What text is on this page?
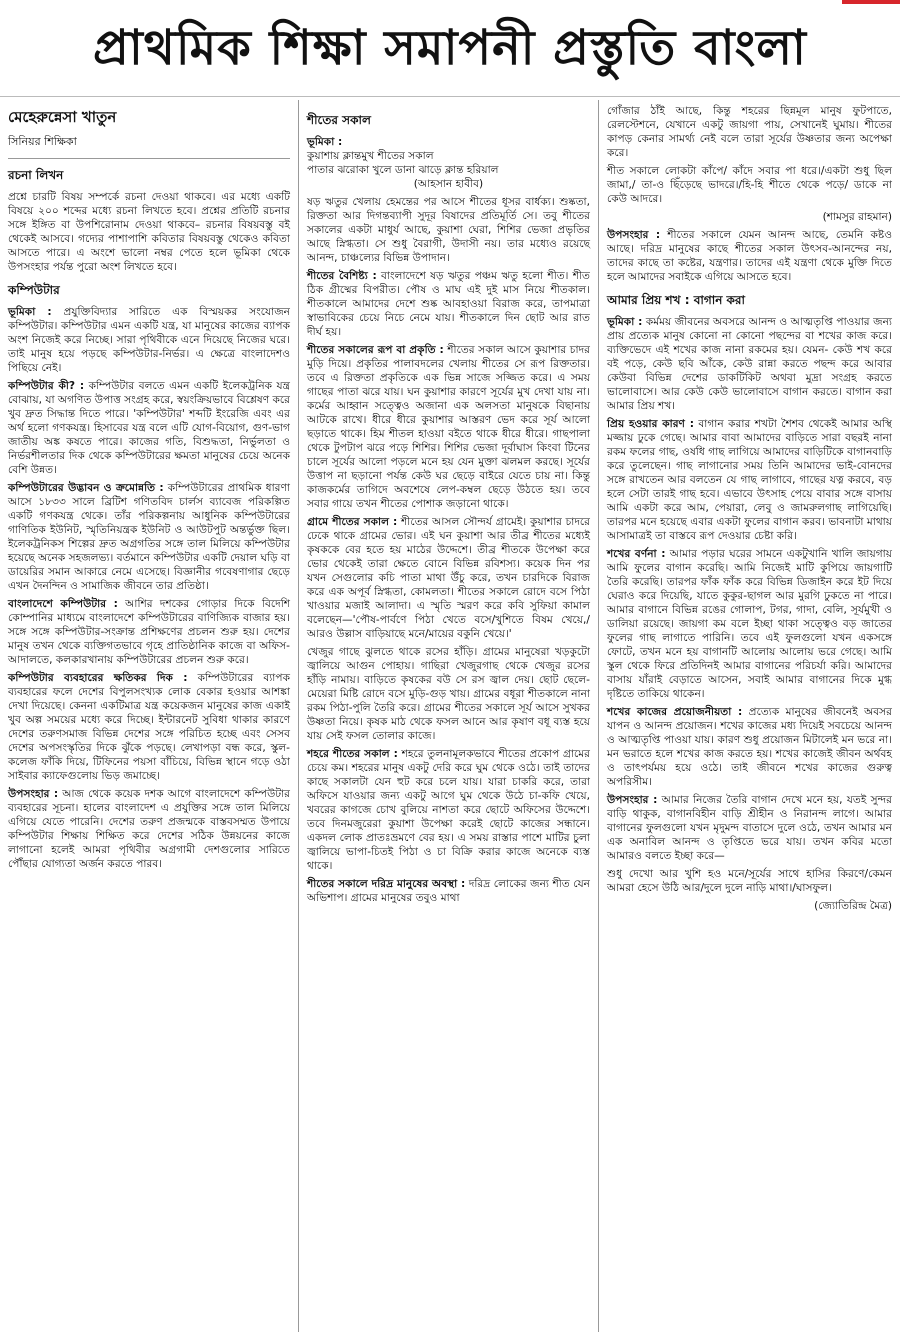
প্রাথমিক শিক্ষা সমাপনী প্রস্তুতি বাংলা
মেহেরুন্নেসা খাতুন
সিনিয়র শিক্ষিকা
রচনা লিখন

প্রশ্নে চারটি বিষয় সম্পর্কে রচনা দেওয়া থাকবে। এর মধ্যে একটি বিষয়ে ২০০ শব্দের মধ্যে রচনা লিখতে হবে। প্রশ্নের প্রতিটি রচনার সঙ্গে ইঙ্গিত বা উপশিরোনাম দেওয়া থাকবে– রচনার বিষয়বস্তু বই থেকেই আসবে। গদ্যের পাশাপাশি কবিতার বিষয়বস্তু থেকেও কবিতা আসতে পারে। এ অংশে ভালো নম্বর পেতে হলে ভূমিকা থেকে উপসংহার পর্যন্ত পুরো অংশ লিখতে হবে।

কম্পিউটার

ভূমিকা : প্রযুক্তিবিদ্যার সারিতে এক বিস্ময়কর সংযোজন কম্পিউটার। কম্পিউটার এমন একটি যন্ত্র, যা মানুষের কাজের ব্যাপক অংশ নিজেই করে নিচ্ছে। সারা পৃথিবীকে এনে দিয়েছে নিজের ঘরে। তাই মানুষ হয়ে পড়ছে কম্পিউটার-নির্ভর। এ ক্ষেত্রে বাংলাদেশও পিছিয়ে নেই।

কম্পিউটার কী? : কম্পিউটার বলতে এমন একটি ইলেকট্রনিক যন্ত্র বোঝায়, যা অগণিত উপাত্ত সংগ্রহ করে, স্বয়ংক্রিয়ভাবে বিশ্লেষণ করে খুব দ্রুত সিদ্ধান্ত দিতে পারে। 'কম্পিউটার' শব্দটি ইংরেজি এবং এর অর্থ হলো গণকযন্ত্র। হিসাবের যন্ত্র বলে এটি যোগ-বিয়োগ, গুণ-ভাগ জাতীয় অঙ্ক কষতে পারে। কাজের গতি, বিশুদ্ধতা, নির্ভুলতা ও নির্ভরশীলতার দিক থেকে কম্পিউটারের ক্ষমতা মানুষের চেয়ে অনেক বেশি উন্নত।

কম্পিউটারের উদ্ভাবন ও ক্রমোন্নতি : কম্পিউটারের প্রাথমিক ধারণা আসে ১৮৩৩ সালে ব্রিটিশ গণিতবিদ চার্লস ব্যাবেজ পরিকল্পিত একটি গণকযন্ত্র থেকে। তাঁর পরিকল্পনায় আধুনিক কম্পিউটারের গাণিতিক ইউনিট, স্মৃতিনিয়ন্ত্রক ইউনিট ও আউটপুট অন্তর্ভুক্ত ছিল। ইলেকট্রনিকস শিল্পের দ্রুত অগ্রগতির সঙ্গে তাল মিলিয়ে কম্পিউটার হয়েছে অনেক সহজলভ্য। বর্তমানে কম্পিউটার একটি দেয়াল ঘড়ি বা ডায়েরির সমান আকারে নেমে এসেছে। বিজ্ঞানীর গবেষণাগার ছেড়ে এখন দৈনন্দিন ও সামাজিক জীবনে তার প্রতিষ্ঠা।

বাংলাদেশে কম্পিউটার : আশির দশকের গোড়ার দিকে বিদেশি কোম্পানির মাধ্যমে বাংলাদেশে কম্পিউটারের বাণিজ্যিক বাজার হয়। সঙ্গে সঙ্গে কম্পিউটার-সংক্রান্ত প্রশিক্ষণের প্রচলন শুরু হয়। দেশের মানুষ তখন থেকে ব্যক্তিগতভাবে গৃহে প্রাতিষ্ঠানিক কাজে বা অফিস-আদালতে, কলকারখানায় কম্পিউটারের প্রচলন শুরু করে।

কম্পিউটার ব্যবহারের ক্ষতিকর দিক : কম্পিউটারের ব্যাপক ব্যবহারের ফলে দেশের বিপুলসংখ্যক লোক বেকার হওয়ার আশঙ্কা দেখা দিয়েছে। কেননা একটিমাত্র যন্ত্র কয়েকজন মানুষের কাজ একাই খুব অল্প সময়ের মধ্যে করে দিচ্ছে। ইন্টারনেট সুবিধা থাকার কারণে দেশের তরুণসমাজ বিভিন্ন দেশের সঙ্গে পরিচিত হচ্ছে এবং সেসব দেশের অপসংস্কৃতির দিকে ঝুঁকে পড়ছে। লেখাপড়া বন্ধ করে, স্কুল-কলেজ ফাঁকি দিয়ে, টিফিনের পয়সা বাঁচিয়ে, বিভিন্ন স্থানে গড়ে ওঠা সাইবার ক্যাফেগুলোয় ভিড় জমাচ্ছে।

উপসংহার : আজ থেকে কয়েক দশক আগে বাংলাদেশে কম্পিউটার ব্যবহারের সূচনা। হালের বাংলাদেশ এ প্রযুক্তির সঙ্গে তাল মিলিয়ে এগিয়ে যেতে পারেনি। দেশের তরুণ প্রজন্মকে বাস্তবসম্মত উপায়ে কম্পিউটার শিক্ষায় শিক্ষিত করে দেশের সঠিক উন্নয়নের কাজে লাগানো হলেই আমরা পৃথিবীর অগ্রগামী দেশগুলোর সারিতে পৌঁছার যোগ্যতা অর্জন করতে পারব।

শীতের সকাল
ভূমিকা :
কুয়াশায় ক্লান্তমুখ শীতের সকাল
পাতার ঝরোকা খুলে ডানা ঝাড়ে ক্লান্ত হরিয়াল
(আহসান হাবীব)

ষড় ঋতুর খেলায় হেমন্তের পর আসে শীতের ধূসর বার্ধক্য। শুষ্কতা, রিক্ততা আর দিগন্তব্যাপী সুদূর বিষাদের প্রতিমূর্তি সে। তবু শীতের সকালের একটা মাধুর্য আছে, কুয়াশা ঘেরা, শিশির ভেজা প্রভৃতির আছে স্নিগ্ধতা। সে শুধু বৈরাগী, উদাসী নয়। তার মধ্যেও রয়েছে আনন্দ, চাঞ্চল্যের বিভিন্ন উপাদান।

শীতের বৈশিষ্ট্য : বাংলাদেশে ষড় ঋতুর পঞ্চম ঋতু হলো শীত। শীত ঠিক গ্রীষ্মের বিপরীত। পৌষ ও মাঘ এই দুই মাস নিয়ে শীতকাল। শীতকালে আমাদের দেশে শুষ্ক আবহাওয়া বিরাজ করে, তাপমাত্রা স্বাভাবিকের চেয়ে নিচে নেমে যায়। শীতকালে দিন ছোট আর রাত দীর্ঘ হয়।

শীতের সকালের রূপ বা প্রকৃতি : শীতের সকাল আসে কুয়াশার চাদর মুড়ি দিয়ে। প্রকৃতির পালাবদলের খেলায় শীতের সে রূপ রিক্ততার। তবে এ রিক্ততা প্রকৃতিকে এক ভিন্ন সাজে সজ্জিত করে। এ সময় গাছের পাতা ঝরে যায়। ঘন কুয়াশার কারণে সূর্যের মুখ দেখা যায় না। কর্মের আহ্বান সত্ত্বেও অজানা এক অলসতা মানুষকে বিছানায় আটকে রাখে। ধীরে ধীরে কুয়াশার আস্তরণ ভেদ করে সূর্য আলো ছড়াতে থাকে। হিম শীতল হাওয়া বইতে থাকে ধীরে ধীরে। গাছপালা থেকে টুপটাপ ঝরে পড়ে শিশির। শিশির ভেজা দূর্বাঘাস কিংবা টিনের চালে সূর্যের আলো পড়লে মনে হয় যেন মুক্তা ঝলমল করছে। সূর্যের উত্তাপ না ছড়ানো পর্যন্ত কেউ ঘর ছেড়ে বাইরে যেতে চায় না। কিন্তু কাজকর্মের তাগিদে অবশেষে লেপ-কম্বল ছেড়ে উঠতে হয়। তবে সবার গায়ে তখন শীতের পোশাক জড়ানো থাকে।

গ্রামে শীতের সকাল : শীতের আসল সৌন্দর্য গ্রামেই। কুয়াশার চাদরে ঢেকে থাকে গ্রামের ভোর। এই ঘন কুয়াশা আর তীব্র শীতের মধ্যেই কৃষককে বের হতে হয় মাঠের উদ্দেশে। তীব্র শীতকে উপেক্ষা করে ভোর থেকেই তারা ক্ষেতে বোনে বিভিন্ন রবিশস্য। কয়েক দিন পর যখন সেগুলোর কচি পাতা মাথা উঁচু করে, তখন চারদিকে বিরাজ করে এক অপূর্ব স্নিগ্ধতা, কোমলতা। শীতের সকালে রোদে বসে পিঠা খাওয়ার মজাই আলাদা। এ স্মৃতি স্মরণ করে কবি সুফিয়া কামাল বলেছেন—'পৌষ-পার্বণে পিঠা খেতে বসে/খুশিতে বিষম খেয়ে,/আরও উল্লাস বাড়িয়াছে মনে/মায়ের বকুনি খেয়ে।'

খেজুর গাছে ঝুলতে থাকে রসের হাঁড়ি। গ্রামের মানুষেরা খড়কুটো জ্বালিয়ে আগুন পোহায়। গাছিরা খেজুরগাছ থেকে খেজুর রসের হাঁড়ি নামায়। বাড়িতে কৃষকের বউ সে রস জ্বাল দেয়। ছোট ছেলে-মেয়েরা মিষ্টি রোদে বসে মুড়ি-গুড় খায়। গ্রামের বধূরা শীতকালে নানা রকম পিঠা-পুলি তৈরি করে। গ্রামের শীতের সকালে সূর্য আসে সুখকর উষ্ণতা নিয়ে। কৃষক মাঠ থেকে ফসল আনে আর কৃষাণ বধূ ব্যস্ত হয়ে যায় সেই ফসল তোলার কাজে।

শহরে শীতের সকাল : শহরে তুলনামূলকভাবে শীতের প্রকোপ গ্রামের চেয়ে কম। শহরের মানুষ একটু দেরি করে ঘুম থেকে ওঠে। তাই তাদের কাছে সকালটা যেন হুট করে চলে যায়। যারা চাকরি করে, তারা অফিসে যাওয়ার জন্য একটু আগে ঘুম থেকে উঠে চা-কফি খেয়ে, খবরের কাগজে চোখ বুলিয়ে নাশতা করে ছোটে অফিসের উদ্দেশে। তবে দিনমজুরেরা কুয়াশা উপেক্ষা করেই ছোটে কাজের সন্ধানে। একদল লোক প্রাতঃভ্রমণে বের হয়। এ সময় রাস্তার পাশে মাটির চুলা জ্বালিয়ে ভাপা-চিতই পিঠা ও চা বিক্রি করার কাজে অনেকে ব্যস্ত থাকে।

শীতের সকালে দরিদ্র মানুষের অবস্থা : দরিদ্র লোকের জন্য শীত যেন অভিশাপ। গ্রামের মানুষের তবুও মাথা

গোঁজার ঠাঁই আছে, কিন্তু শহরের ছিন্নমূল মানুষ ফুটপাতে, রেলস্টেশনে, যেখানে একটু জায়গা পায়, সেখানেই ঘুমায়। শীতের কাপড় কেনার সামর্থ্য নেই বলে তারা সূর্যের উষ্ণতার জন্য অপেক্ষা করে।

শীত সকালে লোকটা কাঁপে/ কাঁদে সবার পা ধরে।/একটা শুধু ছিল জামা,/ তা-ও ছিঁড়েছে ভাদরে।/হি-হি শীতে থেকে পড়ে/ ডাকে না কেউ আদরে।

(শামসুর রাহমান)

উপসংহার : শীতের সকালে যেমন আনন্দ আছে, তেমনি কষ্টও আছে। দরিদ্র মানুষের কাছে শীতের সকাল উৎসব-আনন্দের নয়, তাদের কাছে তা কষ্টের, যন্ত্রণার। তাদের এই যন্ত্রণা থেকে মুক্তি দিতে হলে আমাদের সবাইকে এগিয়ে আসতে হবে।

আমার প্রিয় শখ : বাগান করা

ভূমিকা : কর্মময় জীবনের অবসরে আনন্দ ও আত্মতৃপ্তি পাওয়ার জন্য প্রায় প্রত্যেক মানুষ কোনো না কোনো পছন্দের বা শখের কাজ করে। ব্যক্তিভেদে এই শখের কাজ নানা রকমের হয়। যেমন- কেউ শখ করে বই পড়ে, কেউ ছবি আঁকে, কেউ রান্না করতে পছন্দ করে আবার কেউবা বিভিন্ন দেশের ডাকটিকিট অথবা মুদ্রা সংগ্রহ করতে ভালোবাসে। আর কেউ কেউ ভালোবাসে বাগান করতে। বাগান করা আমার প্রিয় শখ।

প্রিয় হওয়ার কারণ : বাগান করার শখটা শৈশব থেকেই আমার অস্থি মজ্জায় ঢুকে গেছে। আমার বাবা আমাদের বাড়িতে সারা বছরই নানা রকম ফলের গাছ, ওষধি গাছ লাগিয়ে আমাদের বাড়িটিকে বাগানবাড়ি করে তুলেছেন। গাছ লাগানোর সময় তিনি আমাদের ভাই-বোনদের সঙ্গে রাখতেন আর বলতেন যে গাছ লাগাবে, গাছের যত্ন করবে, বড় হলে সেটা তারই গাছ হবে। এভাবে উৎসাহ পেয়ে বাবার সঙ্গে বাসায় আমি একটা করে আম, পেয়ারা, লেবু ও জামরুলগাছ লাগিয়েছি। তারপর মনে হয়েছে এবার একটা ফুলের বাগান করব। ভাবনাটা মাথায় আসামাত্রই তা বাস্তবে রূপ দেওয়ার চেষ্টা করি।

শখের বর্ণনা : আমার পড়ার ঘরের সামনে একটুখানি খালি জায়গায় আমি ফুলের বাগান করেছি। আমি নিজেই মাটি কুপিয়ে জায়গাটি তৈরি করেছি। তারপর ফাঁক ফাঁক করে বিভিন্ন ডিজাইন করে ইট দিয়ে ঘেরাও করে দিয়েছি, যাতে কুকুর-ছাগল আর মুরগি ঢুকতে না পারে। আমার বাগানে বিভিন্ন রঙের গোলাপ, টগর, গাদা, বেলি, সূর্যমুখী ও ডালিয়া রয়েছে। জায়গা কম বলে ইচ্ছা থাকা সত্ত্বেও বড় জাতের ফুলের গাছ লাগাতে পারিনি। তবে এই ফুলগুলো যখন একসঙ্গে ফোটে, তখন মনে হয় বাগানটি আলোয় আলোয় ভরে গেছে। আমি স্কুল থেকে ফিরে প্রতিদিনই আমার বাগানের পরিচর্যা করি। আমাদের বাসায় যাঁরাই বেড়াতে আসেন, সবাই আমার বাগানের দিকে মুগ্ধ দৃষ্টিতে তাকিয়ে থাকেন।

শখের কাজের প্রয়োজনীয়তা : প্রত্যেক মানুষের জীবনেই অবসর যাপন ও আনন্দ প্রয়োজন। শখের কাজের মধ্য দিয়েই সবচেয়ে আনন্দ ও আত্মতৃপ্তি পাওয়া যায়। কারণ শুধু প্রয়োজন মিটালেই মন ভরে না। মন ভরাতে হলে শখের কাজ করতে হয়। শখের কাজেই জীবন অর্থবহ ও তাৎপর্যময় হয়ে ওঠে। তাই জীবনে শখের কাজের গুরুত্ব অপরিসীম।

উপসংহার : আমার নিজের তৈরি বাগান দেখে মনে হয়, যতই সুন্দর বাড়ি থাকুক, বাগানবিহীন বাড়ি শ্রীহীন ও নিরানন্দ লাগে। আমার বাগানের ফুলগুলো যখন মৃদুমন্দ বাতাসে দুলে ওঠে, তখন আমার মন এক অনাবিল আনন্দ ও তৃপ্তিতে ভরে যায়। তখন কবির মতো আমারও বলতে ইচ্ছা করে—

শুধু দেখো আর খুশি হও মনে/সূর্যের সাথে হাসির কিরণে/কেমন আমরা হেসে উঠি আর/দুলে দুলে নাড়ি মাথা।/ঘাসফুল।

(জ্যোতিরিন্দ্র মৈত্র)
